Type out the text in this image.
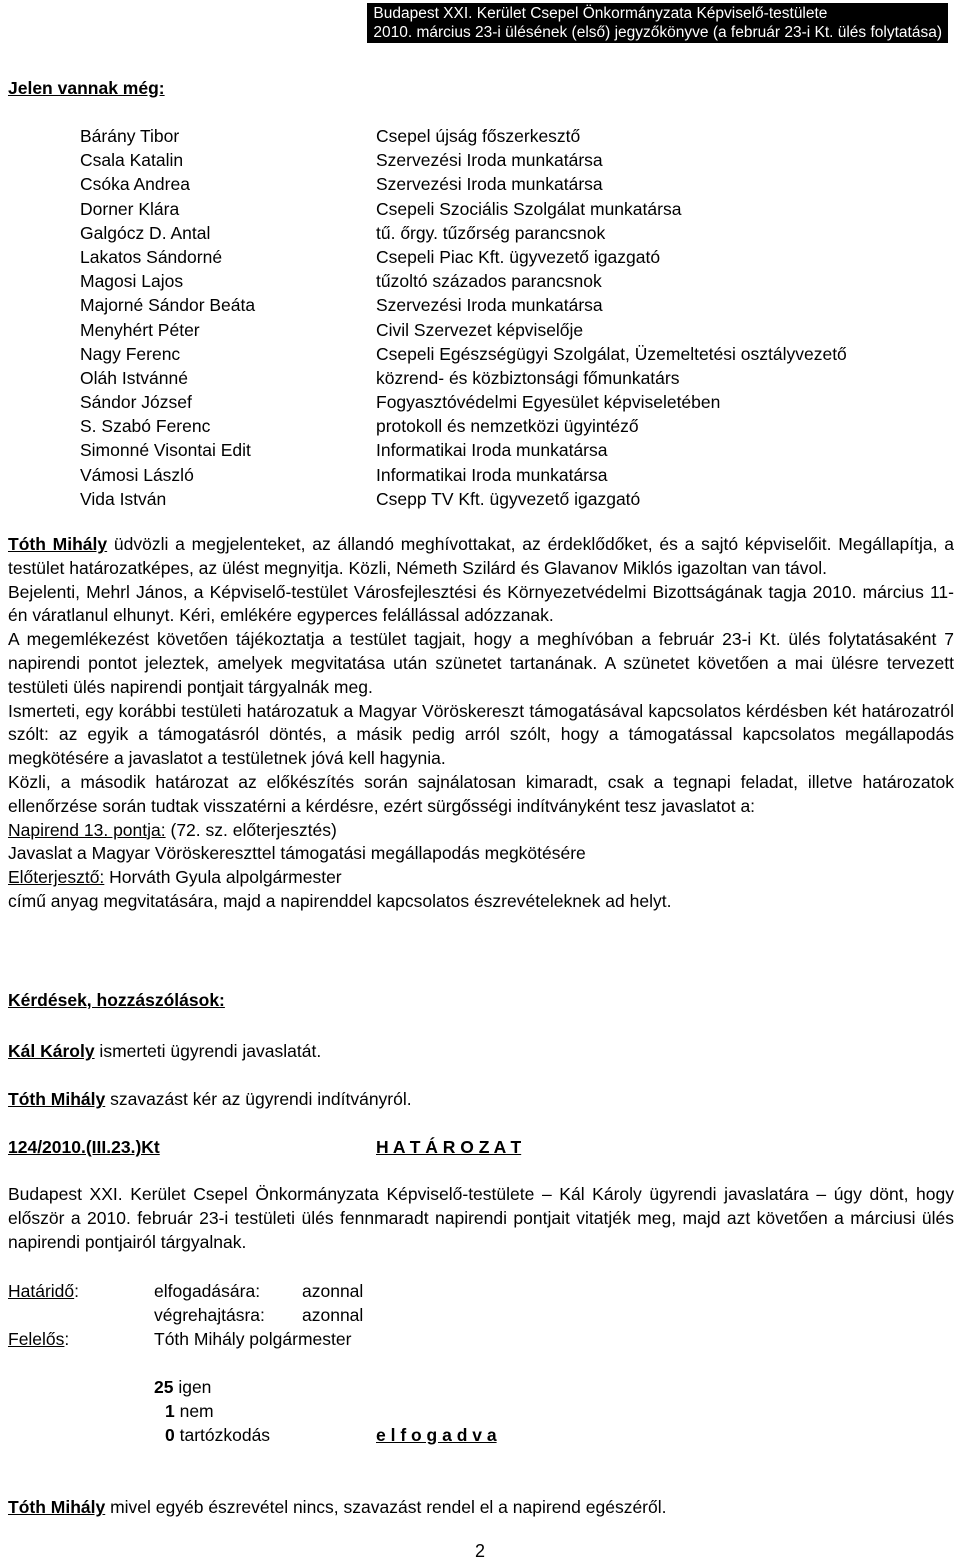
Budapest XXI. Kerület Csepel Önkormányzata Képviselő-testülete
2010. március 23-i ülésének (első) jegyzőkönyve (a február 23-i Kt. ülés folytatása)
Jelen vannak még:
Bárány Tibor	Csepel újság főszerkesztő
Csala Katalin	Szervezési Iroda munkatársa
Csóka Andrea	Szervezési Iroda munkatársa
Dorner Klára	Csepeli Szociális Szolgálat munkatársa
Galgócz D. Antal	tű. őrgy. tűzőrség parancsnok
Lakatos Sándorné	Csepeli Piac Kft. ügyvezető igazgató
Magosi Lajos	tűzoltó százados parancsnok
Majorné Sándor Beáta	Szervezési Iroda munkatársa
Menyhért Péter	Civil Szervezet képviselője
Nagy Ferenc	Csepeli Egészségügyi Szolgálat, Üzemeltetési osztályvezető
Oláh Istvánné	közrend- és közbiztonsági főmunkatárs
Sándor József	Fogyasztóvédelmi Egyesület képviseletében
S. Szabó Ferenc	protokoll és nemzetközi ügyintéző
Simonné Visontai Edit	Informatikai Iroda munkatársa
Vámosi László	Informatikai Iroda munkatársa
Vida István	Csepp TV Kft. ügyvezető igazgató

Tóth Mihály üdvözli a megjelenteket, az állandó meghívottakat, az érdeklődőket, és a sajtó képviselőit. Megállapítja, a testület határozatképes, az ülést megnyitja. Közli, Németh Szilárd és Glavanov Miklós igazoltan van távol.

Bejelenti, Mehrl János, a Képviselő-testület Városfejlesztési és Környezetvédelmi Bizottságának tagja 2010. március 11-én váratlanul elhunyt. Kéri, emlékére egyperces felállással adózzanak.

A megemlékezést követően tájékoztatja a testület tagjait, hogy a meghívóban a február 23-i Kt. ülés folytatásaként 7 napirendi pontot jeleztek, amelyek megvitatása után szünetet tartanának. A szünetet követően a mai ülésre tervezett testületi ülés napirendi pontjait tárgyalnák meg.

Ismerteti, egy korábbi testületi határozatuk a Magyar Vöröskereszt támogatásával kapcsolatos kérdésben két határozatról szólt: az egyik a támogatásról döntés, a másik pedig arról szólt, hogy a támogatással kapcsolatos megállapodás megkötésére a javaslatot a testületnek jóvá kell hagynia.

Közli, a második határozat az előkészítés során sajnálatosan kimaradt, csak a tegnapi feladat, illetve határozatok ellenőrzése során tudtak visszatérni a kérdésre, ezért sürgősségi indítványként tesz javaslatot a:

Napirend 13. pontja: (72. sz. előterjesztés)

Javaslat a Magyar Vöröskereszttel támogatási megállapodás megkötésére

Előterjesztő: Horváth Gyula alpolgármester

című anyag megvitatására, majd a napirenddel kapcsolatos észrevételeknek ad helyt.

Kérdések, hozzászólások:
Kál Károly ismerteti ügyrendi javaslatát.
Tóth Mihály szavazást kér az ügyrendi indítványról.
124/2010.(III.23.)Kt	H A T Á R O Z A T
Budapest XXI. Kerület Csepel Önkormányzata Képviselő-testülete – Kál Károly ügyrendi javaslatára – úgy dönt, hogy először a 2010. február 23-i testületi ülés fennmaradt napirendi pontjait vitatjék meg, majd azt követően a márciusi ülés napirendi pontjairól tárgyalnak.
Határidő:	elfogadására: azonnal
végrehajtásra: azonnal
Felelős:	Tóth Mihály polgármester
25 igen
1 nem
0 tartózkodás	e l f o g a d v a
Tóth Mihály mivel egyéb észrevétel nincs, szavazást rendel el a napirend egészéről.
2
